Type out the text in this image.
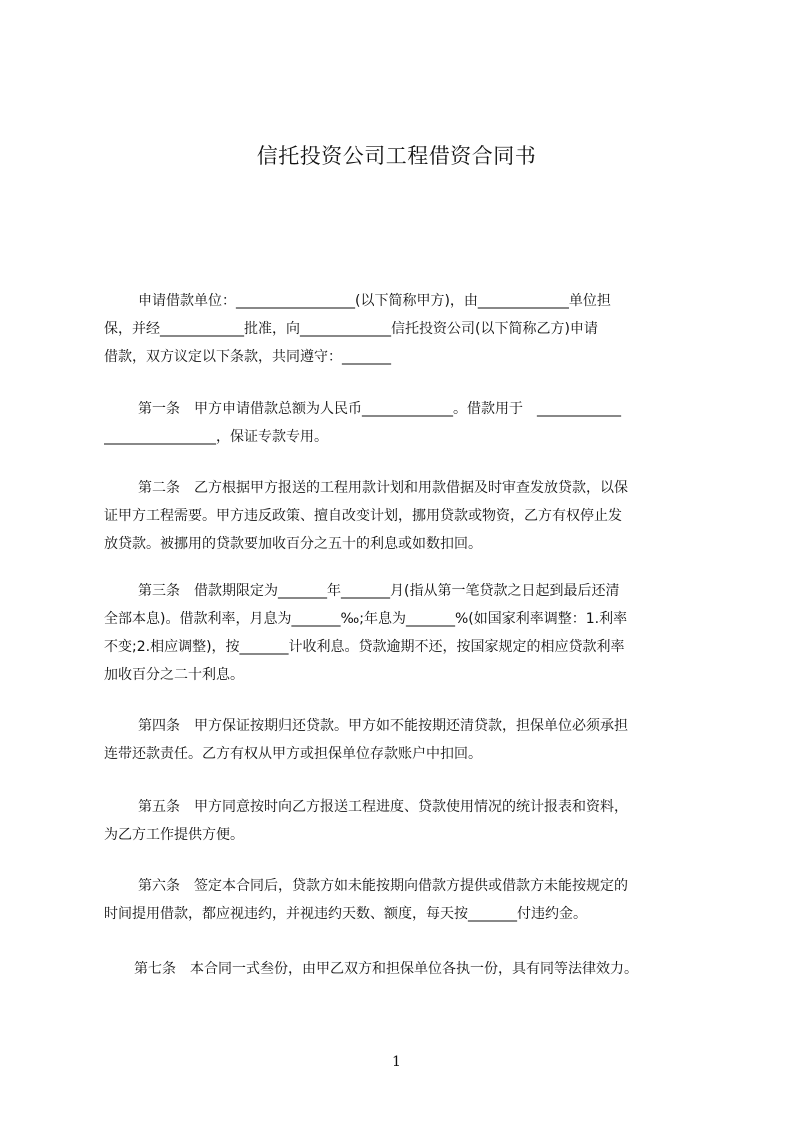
信托投资公司工程借资合同书
申请借款单位：_________________(以下简称甲方)，由_____________单位担
保，并经____________批准，向_____________信托投资公司(以下简称乙方)申请
借款，双方议定以下条款，共同遵守：_______
第一条　甲方申请借款总额为人民币_____________。借款用于　____________
________________，保证专款专用。
第二条　乙方根据甲方报送的工程用款计划和用款借据及时审查发放贷款，以保
证甲方工程需要。甲方违反政策、擅自改变计划，挪用贷款或物资，乙方有权停止发
放贷款。被挪用的贷款要加收百分之五十的利息或如数扣回。
第三条　借款期限定为_______年_______月(指从第一笔贷款之日起到最后还清
全部本息)。借款利率，月息为_______‰;年息为_______%(如国家利率调整：1.利率
不变;2.相应调整)，按_______计收利息。贷款逾期不还，按国家规定的相应贷款利率
加收百分之二十利息。
第四条　甲方保证按期归还贷款。甲方如不能按期还清贷款，担保单位必须承担
连带还款责任。乙方有权从甲方或担保单位存款账户中扣回。
第五条　甲方同意按时向乙方报送工程进度、贷款使用情况的统计报表和资料，
为乙方工作提供方便。
第六条　签定本合同后，贷款方如未能按期向借款方提供或借款方未能按规定的
时间提用借款，都应视违约，并视违约天数、额度，每天按_______付违约金。
第七条　本合同一式叁份，由甲乙双方和担保单位各执一份，具有同等法律效力。
1
